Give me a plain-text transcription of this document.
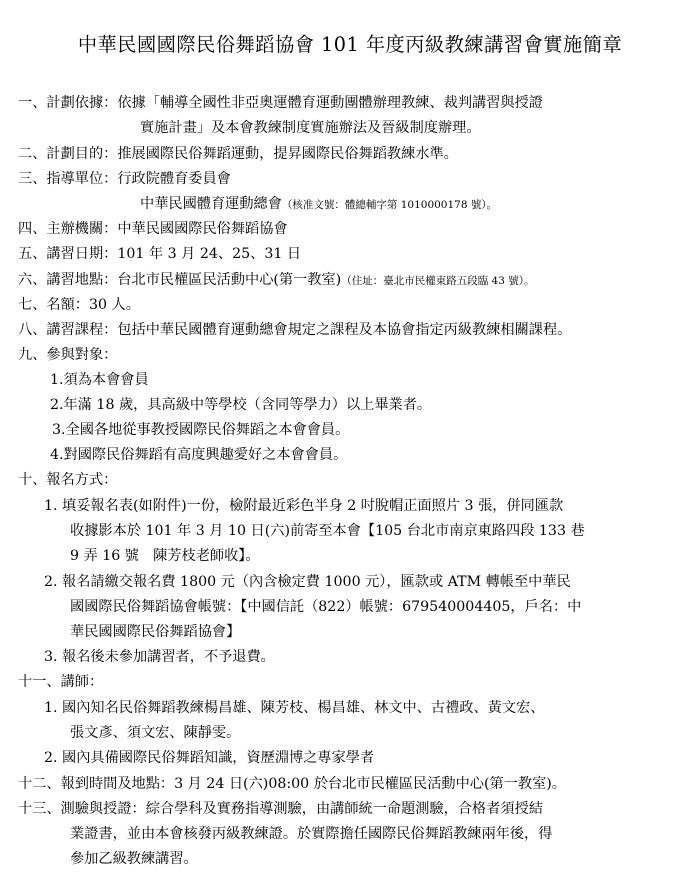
中華民國國際民俗舞蹈協會 101 年度丙級教練講習會實施簡章
一、計劃依據：依據「輔導全國性非亞奧運體育運動團體辦理教練、裁判講習與授證
實施計畫」及本會教練制度實施辦法及晉級制度辦理。
二、計劃目的：推展國際民俗舞蹈運動，提昇國際民俗舞蹈教練水準。
三、指導單位：行政院體育委員會
中華民國體育運動總會（核准文號：體總輔字第 1010000178 號）。
四、主辦機關：中華民國國際民俗舞蹈協會
五、講習日期：101 年 3 月 24、25、31 日
六、講習地點：台北市民權區民活動中心(第一教室)（住址：臺北市民權東路五段臨 43 號）。
七、名額：30 人。
八、講習課程：包括中華民國體育運動總會規定之課程及本協會指定丙級教練相關課程。
九、參與對象：
1.須為本會會員
2.年滿 18 歲，具高級中等學校（含同等學力）以上畢業者。
3.全國各地從事教授國際民俗舞蹈之本會會員。
4.對國際民俗舞蹈有高度興趣愛好之本會會員。
十、報名方式：
1. 填妥報名表(如附件)一份，檢附最近彩色半身 2 吋脫帽正面照片 3 張，併同匯款
收據影本於 101 年 3 月 10 日(六)前寄至本會【105 台北市南京東路四段 133 巷
9 弄 16 號　陳芳枝老師收】。
2. 報名請繳交報名費 1800 元（內含檢定費 1000 元），匯款或 ATM 轉帳至中華民
國國際民俗舞蹈協會帳號：【中國信託（822）帳號：679540004405，戶名：中
華民國國際民俗舞蹈協會】
3. 報名後未參加講習者，不予退費。
十一、講師：
1. 國內知名民俗舞蹈教練楊昌雄、陳芳枝、楊昌雄、林文中、古禮政、黃文宏、
張文彥、須文宏、陳靜雯。
2. 國內具備國際民俗舞蹈知識，資歷淵博之專家學者
十二、報到時間及地點：3 月 24 日(六)08:00 於台北市民權區民活動中心(第一教室)。
十三、測驗與授證：綜合學科及實務指導測驗，由講師統一命題測驗，合格者須授結
業證書，並由本會核發丙級教練證。於實際擔任國際民俗舞蹈教練兩年後，得
參加乙級教練講習。
